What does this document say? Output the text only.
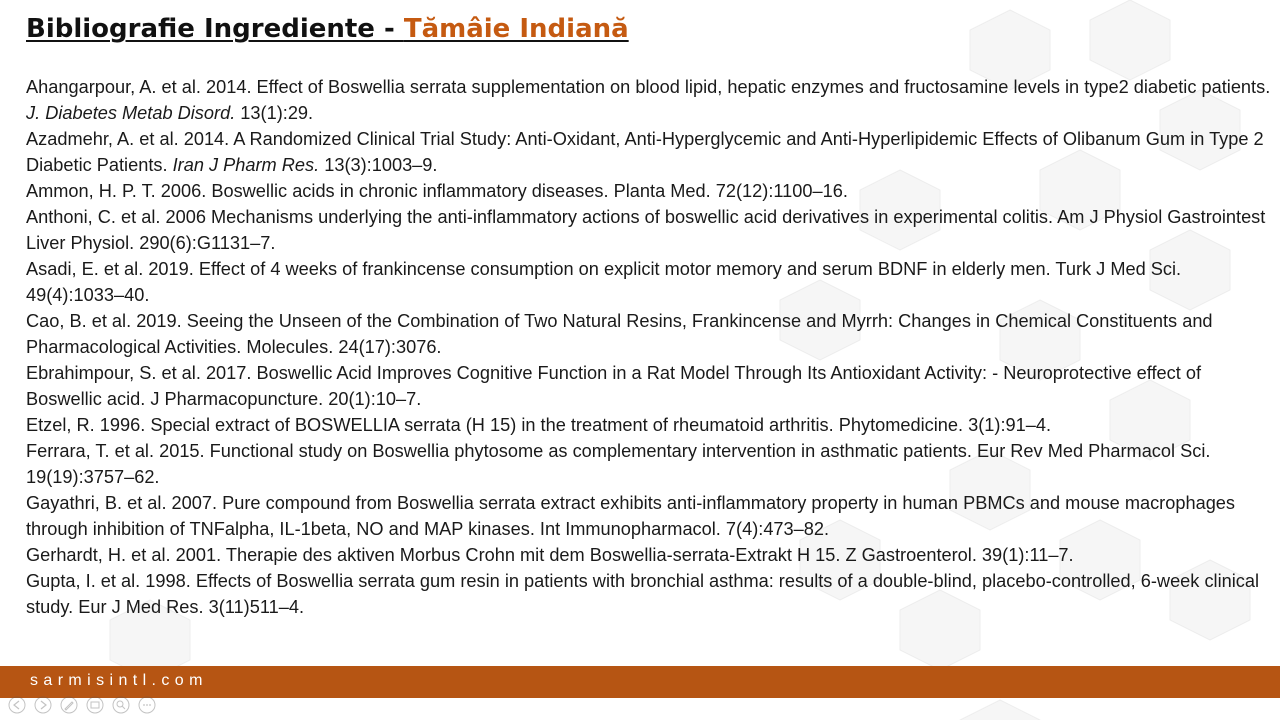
Bibliografie Ingrediente - Tămâie Indiană

Ahangarpour, A. et al. 2014. Effect of Boswellia serrata supplementation on blood lipid, hepatic enzymes and fructosamine levels in type2 diabetic patients. J. Diabetes Metab Disord. 13(1):29.

Azadmehr, A. et al. 2014. A Randomized Clinical Trial Study: Anti-Oxidant, Anti-Hyperglycemic and Anti-Hyperlipidemic Effects of Olibanum Gum in Type 2 Diabetic Patients. Iran J Pharm Res. 13(3):1003–9.

Ammon, H. P. T. 2006. Boswellic acids in chronic inflammatory diseases. Planta Med. 72(12):1100–16.

Anthoni, C. et al. 2006 Mechanisms underlying the anti-inflammatory actions of boswellic acid derivatives in experimental colitis. Am J Physiol Gastrointest Liver Physiol. 290(6):G1131–7.

Asadi, E. et al. 2019. Effect of 4 weeks of frankincense consumption on explicit motor memory and serum BDNF in elderly men. Turk J Med Sci. 49(4):1033–40.

Cao, B. et al. 2019. Seeing the Unseen of the Combination of Two Natural Resins, Frankincense and Myrrh: Changes in Chemical Constituents and Pharmacological Activities. Molecules. 24(17):3076.

Ebrahimpour, S. et al. 2017. Boswellic Acid Improves Cognitive Function in a Rat Model Through Its Antioxidant Activity: - Neuroprotective effect of Boswellic acid. J Pharmacopuncture. 20(1):10–7.

Etzel, R. 1996. Special extract of BOSWELLIA serrata (H 15) in the treatment of rheumatoid arthritis. Phytomedicine. 3(1):91–4.

Ferrara, T. et al. 2015. Functional study on Boswellia phytosome as complementary intervention in asthmatic patients. Eur Rev Med Pharmacol Sci. 19(19):3757–62.

Gayathri, B. et al. 2007. Pure compound from Boswellia serrata extract exhibits anti-inflammatory property in human PBMCs and mouse macrophages through inhibition of TNFalpha, IL-1beta, NO and MAP kinases. Int Immunopharmacol. 7(4):473–82.

Gerhardt, H. et al. 2001. Therapie des aktiven Morbus Crohn mit dem Boswellia-serrata-Extrakt H 15. Z Gastroenterol. 39(1):11–7.

Gupta, I. et al. 1998. Effects of Boswellia serrata gum resin in patients with bronchial asthma: results of a double-blind, placebo-controlled, 6-week clinical study. Eur J Med Res. 3(11)511–4.

sarmisintl.com
